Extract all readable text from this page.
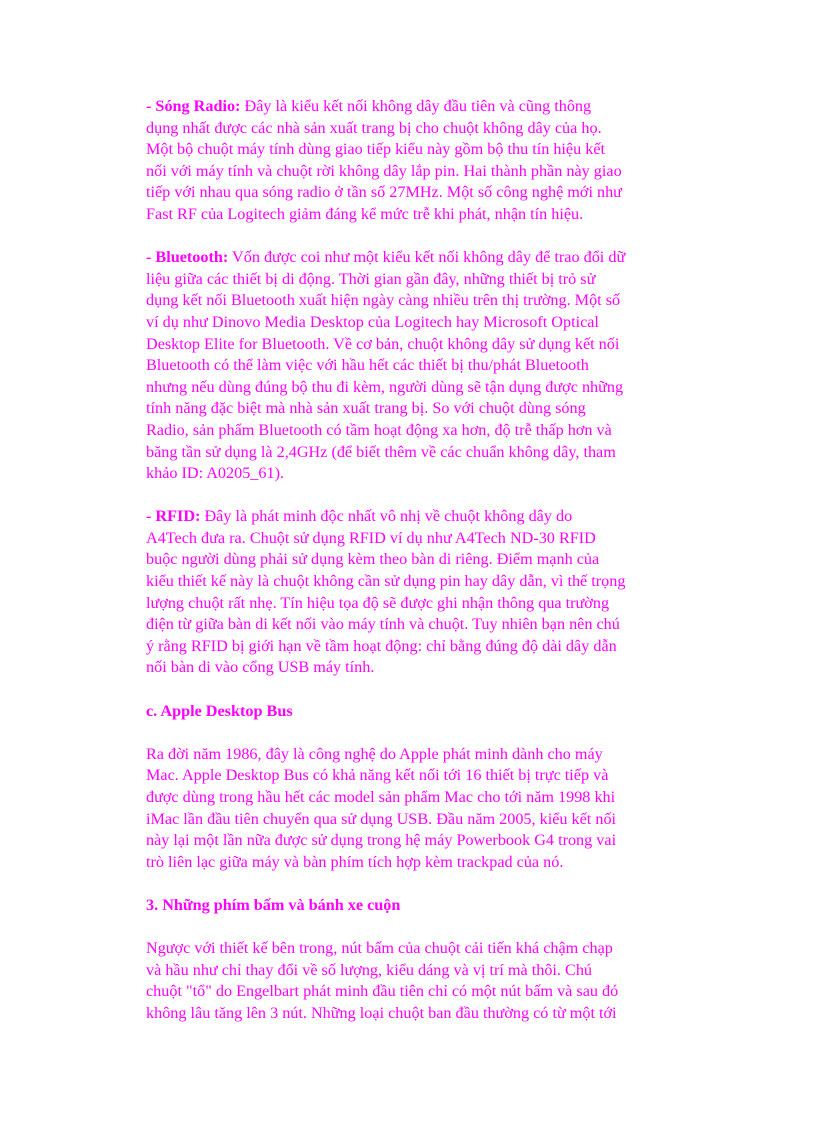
- Sóng Radio: Đây là kiểu kết nối không dây đầu tiên và cũng thông
dụng nhất được các nhà sản xuất trang bị cho chuột không dây của họ.
Một bộ chuột máy tính dùng giao tiếp kiểu này gồm bộ thu tín hiệu kết
nối với máy tính và chuột rời không dây lắp pin. Hai thành phần này giao
tiếp với nhau qua sóng radio ở tần số 27MHz. Một số công nghệ mới như
Fast RF của Logitech giảm đáng kể mức trễ khi phát, nhận tín hiệu.
- Bluetooth: Vốn được coi như một kiểu kết nối không dây để trao đổi dữ
liệu giữa các thiết bị di động. Thời gian gần đây, những thiết bị trỏ sử
dụng kết nối Bluetooth xuất hiện ngày càng nhiều trên thị trường. Một số
ví dụ như Dinovo Media Desktop của Logitech hay Microsoft Optical
Desktop Elite for Bluetooth. Về cơ bản, chuột không dây sử dụng kết nối
Bluetooth có thể làm việc với hầu hết các thiết bị thu/phát Bluetooth
nhưng nếu dùng đúng bộ thu đi kèm, người dùng sẽ tận dụng được những
tính năng đặc biệt mà nhà sản xuất trang bị. So với chuột dùng sóng
Radio, sản phẩm Bluetooth có tầm hoạt động xa hơn, độ trễ thấp hơn và
băng tần sử dụng là 2,4GHz (để biết thêm về các chuẩn không dây, tham
khảo ID: A0205_61).
- RFID: Đây là phát minh độc nhất vô nhị về chuột không dây do
A4Tech đưa ra. Chuột sử dụng RFID ví dụ như A4Tech ND-30 RFID
buộc người dùng phải sử dụng kèm theo bàn di riêng. Điểm mạnh của
kiểu thiết kế này là chuột không cần sử dụng pin hay dây dẫn, vì thế trọng
lượng chuột rất nhẹ. Tín hiệu tọa độ sẽ được ghi nhận thông qua trường
điện từ giữa bàn di kết nối vào máy tính và chuột. Tuy nhiên bạn nên chú
ý rằng RFID bị giới hạn về tầm hoạt động: chỉ bằng đúng độ dài dây dẫn
nối bàn di vào cổng USB máy tính.
c. Apple Desktop Bus
Ra đời năm 1986, đây là công nghệ do Apple phát minh dành cho máy
Mac. Apple Desktop Bus có khả năng kết nối tới 16 thiết bị trực tiếp và
được dùng trong hầu hết các model sản phẩm Mac cho tới năm 1998 khi
iMac lần đầu tiên chuyển qua sử dụng USB. Đầu năm 2005, kiểu kết nối
này lại một lần nữa được sử dụng trong hệ máy Powerbook G4 trong vai
trò liên lạc giữa máy và bàn phím tích hợp kèm trackpad của nó.
3. Những phím bấm và bánh xe cuộn
Ngược với thiết kế bên trong, nút bấm của chuột cải tiến khá chậm chạp
và hầu như chỉ thay đổi về số lượng, kiểu dáng và vị trí mà thôi. Chú
chuột "tổ" do Engelbart phát minh đầu tiên chỉ có một nút bấm và sau đó
không lâu tăng lên 3 nút. Những loại chuột ban đầu thường có từ một tới
